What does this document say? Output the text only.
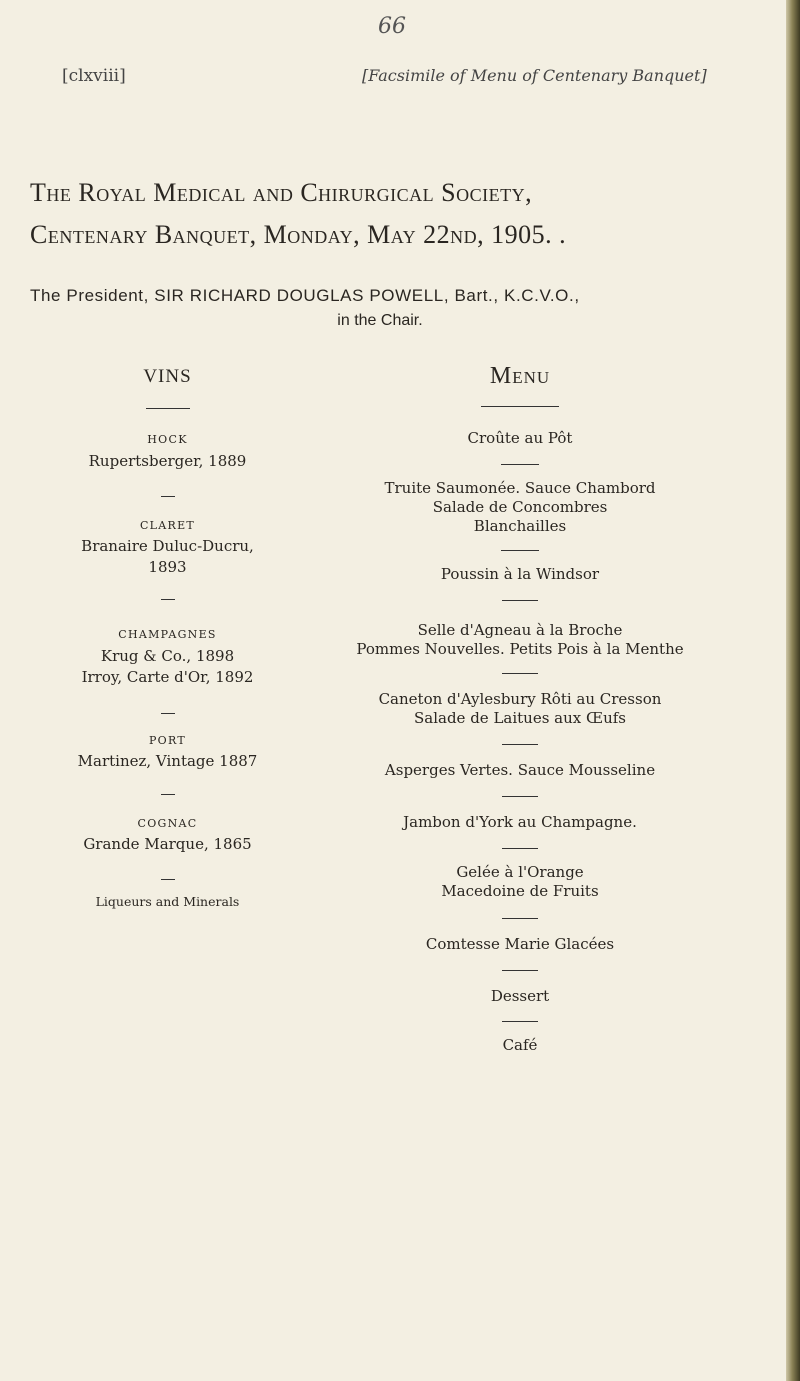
66
[clxviii]	[Facsimile of Menu of Centenary Banquet]
The Royal Medical and Chirurgical Society,
Centenary Banquet, Monday, May 22nd, 1905. .
The President, SIR RICHARD DOUGLAS POWELL, Bart., K.C.V.O.,
in the Chair.
VINS
HOCK
Rupertsberger, 1889
CLARET
Branaire Duluc-Ducru,
1893
CHAMPAGNES
Krug & Co., 1898
Irroy, Carte d'Or, 1892
PORT
Martinez, Vintage 1887
COGNAC
Grande Marque, 1865
Liqueurs and Minerals
Menu
Croûte au Pôt
Truite Saumonée. Sauce Chambord
Salade de Concombres
Blanchailles
Poussin à la Windsor
Selle d'Agneau à la Broche
Pommes Nouvelles. Petits Pois à la Menthe
Caneton d'Aylesbury Rôti au Cresson
Salade de Laitues aux Œufs
Asperges Vertes. Sauce Mousseline
Jambon d'York au Champagne.
Gelée à l'Orange
Macedoine de Fruits
Comtesse Marie Glacées
Dessert
Café
